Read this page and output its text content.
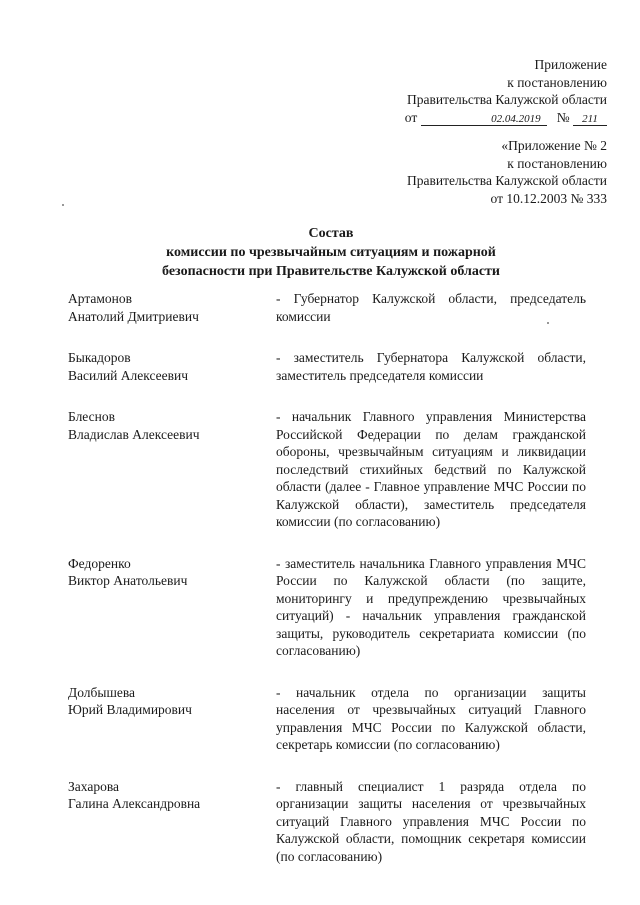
Приложение
к постановлению
Правительства Калужской области
от	02.04.2019	№	211
«Приложение № 2
к постановлению
Правительства Калужской области
от 10.12.2003 № 333
Состав
комиссии по чрезвычайным ситуациям и пожарной
безопасности при Правительстве Калужской области
Артамонов
Анатолий Дмитриевич
- Губернатор Калужской области, председатель комиссии
Быкадоров
Василий Алексеевич
- заместитель Губернатора Калужской области, заместитель председателя комиссии
Блеснов
Владислав Алексеевич
- начальник Главного управления Министерства Российской Федерации по делам гражданской обороны, чрезвычайным ситуациям и ликвидации последствий стихийных бедствий по Калужской области (далее - Главное управление МЧС России по Калужской области), заместитель председателя комиссии (по согласованию)
Федоренко
Виктор Анатольевич
- заместитель начальника Главного управления МЧС России по Калужской области (по защите, мониторингу и предупреждению чрезвычайных ситуаций) - начальник управления гражданской защиты, руководитель секретариата комиссии (по согласованию)
Долбышева
Юрий Владимирович
- начальник отдела по организации защиты населения от чрезвычайных ситуаций Главного управления МЧС России по Калужской области, секретарь комиссии (по согласованию)
Захарова
Галина Александровна
- главный специалист 1 разряда отдела по организации защиты населения от чрезвычайных ситуаций Главного управления МЧС России по Калужской области, помощник секретаря комиссии (по согласованию)
